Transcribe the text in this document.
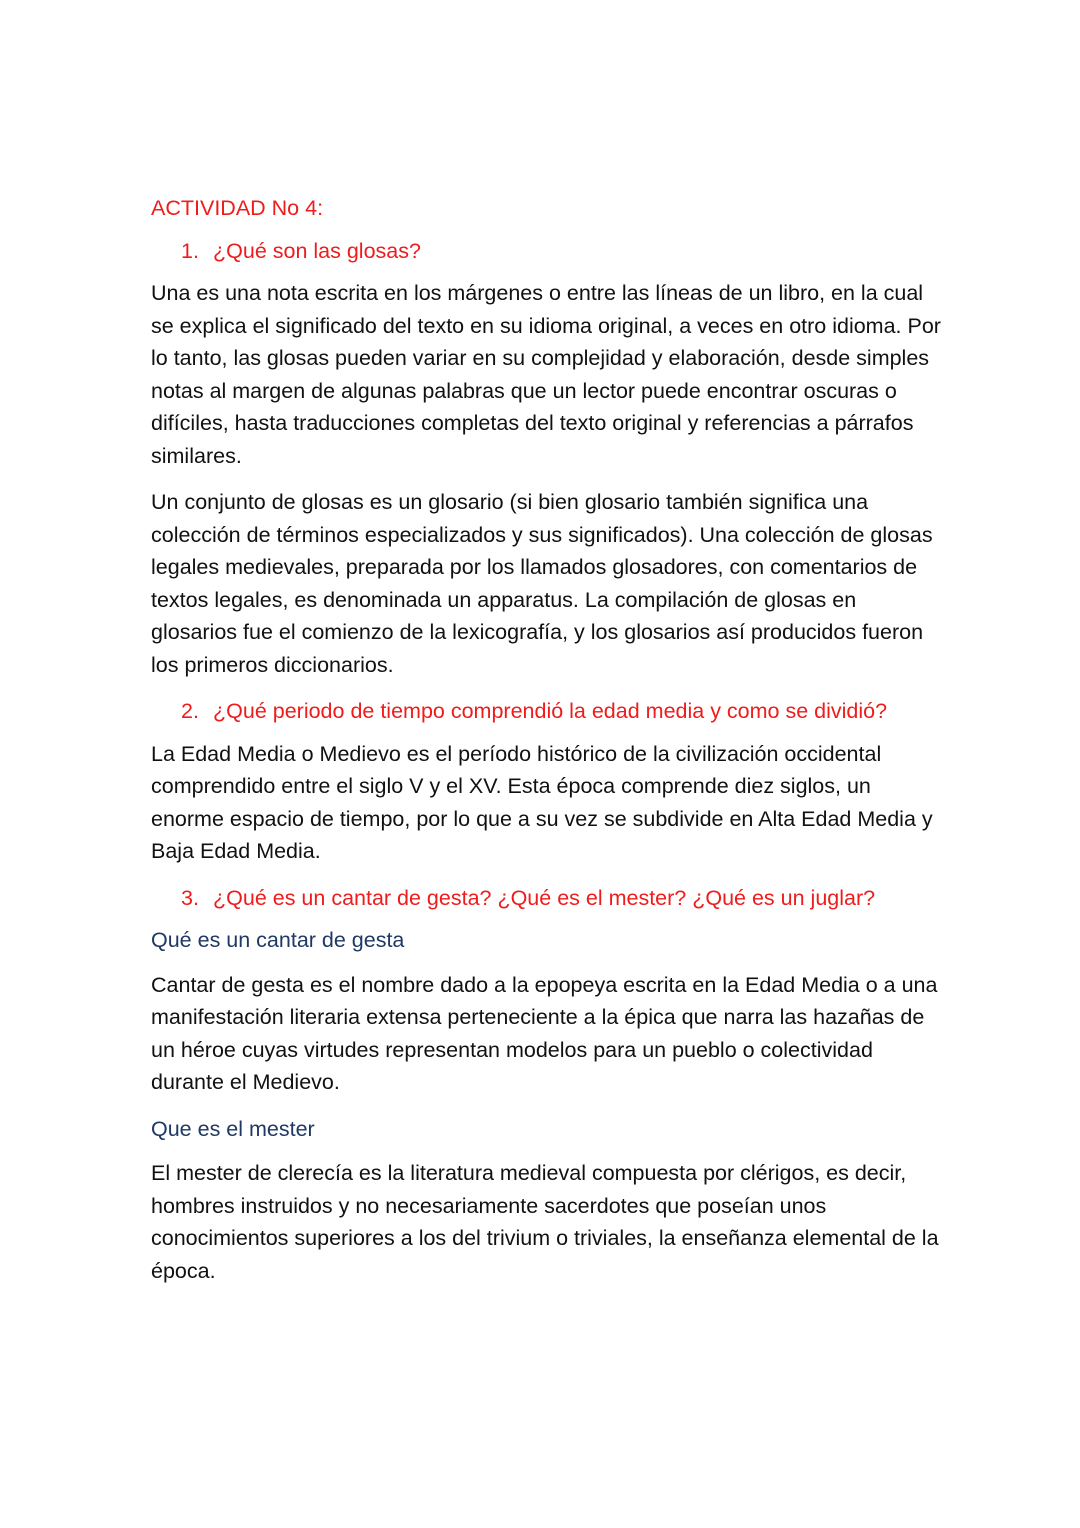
ACTIVIDAD No 4:
1. ¿Qué son las glosas?

Una es una nota escrita en los márgenes o entre las líneas de un libro, en la cual se explica el significado del texto en su idioma original, a veces en otro idioma. Por lo tanto, las glosas pueden variar en su complejidad y elaboración, desde simples notas al margen de algunas palabras que un lector puede encontrar oscuras o difíciles, hasta traducciones completas del texto original y referencias a párrafos similares.

Un conjunto de glosas es un glosario (si bien glosario también significa una colección de términos especializados y sus significados). Una colección de glosas legales medievales, preparada por los llamados glosadores, con comentarios de textos legales, es denominada un apparatus. La compilación de glosas en glosarios fue el comienzo de la lexicografía, y los glosarios así producidos fueron los primeros diccionarios.

2. ¿Qué periodo de tiempo comprendió la edad media y como se dividió?

La Edad Media o Medievo es el período histórico de la civilización occidental comprendido entre el siglo V y el XV. Esta época comprende diez siglos, un enorme espacio de tiempo, por lo que a su vez se subdivide en Alta Edad Media y Baja Edad Media.

3. ¿Qué es un cantar de gesta? ¿Qué es el mester? ¿Qué es un juglar?
Qué es un cantar de gesta

Cantar de gesta es el nombre dado a la epopeya escrita en la Edad Media o a una manifestación literaria extensa perteneciente a la épica que narra las hazañas de un héroe cuyas virtudes representan modelos para un pueblo o colectividad durante el Medievo.

Que es el mester

El mester de clerecía es la literatura medieval compuesta por clérigos, es decir, hombres instruidos y no necesariamente sacerdotes que poseían unos conocimientos superiores a los del trivium o triviales, la enseñanza elemental de la época.
